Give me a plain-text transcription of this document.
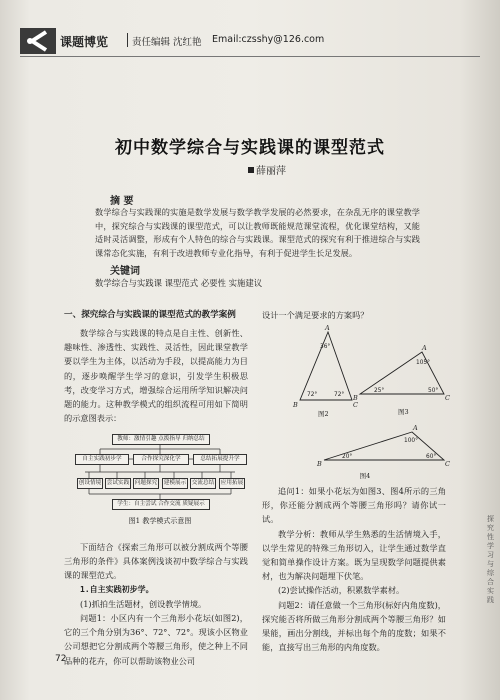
课题博览	责任编辑 沈红艳 Email:czsshy@126.com
初中数学综合与实践课的课型范式
薛丽萍
摘 要
数学综合与实践课的实施是数学发展与数学教学发展的必然要求，在杂乱无序的课堂教学中，探究综合与实践课的课型范式，可以让教师既能规范课堂流程，优化课堂结构，又能适时灵活调整，形成有个人特色的综合与实践课。课型范式的探究有利于推进综合与实践课常态化实施，有利于改进教师专业化指导，有利于促进学生长足发展。
关键词
数学综合与实践课 课型范式 必要性 实施建议

一、探究综合与实践课的课型范式的教学案例

数学综合与实践课的特点是自主性、创新性、趣味性、渗透性、实践性、灵活性，因此课堂教学要以学生为主体，以活动为手段，以提高能力为目的，逐步唤醒学生学习的意识，引发学生积极思考，改变学习方式，增强综合运用所学知识解决问题的能力。这种教学模式的组织流程可用如下简明的示意图表示：

教师：激情引趣 点拨指导 归纳总结
自主实践初步学	合作探究深化学	总结拓展提升学
创设情境	尝试实践	问题探究	建模展示	交流总结	应用拓展
学生：自主尝试 合作交流 质疑展示
图1 教学模式示意图

下面结合《探索三角形可以被分割成两个等腰三角形的条件》具体案例浅谈初中数学综合与实践课的课型范式。

1.自主实践初步学。

(1)抓拍生活题材，创设教学情境。

问题1：小区内有一个三角形小花坛(如图2)，它的三个角分别为36°、72°、72°。现该小区物业公司想把它分割成两个等腰三角形，使之种上不同品种的花卉，你可以帮助该物业公司

设计一个满足要求的方案吗？

A
B	C
A
B	C
36°
72°	72°
105°
25°	50°
图2	图3
A
B	C
100°
20°	60°
图4

追问1：如果小花坛为如图3、图4所示的三角形，你还能分割成两个等腰三角形吗？请你试一试。

教学分析：教师从学生熟悉的生活情境入手，以学生常见的特殊三角形切入，让学生通过数学直觉和简单操作设计方案。既为呈现数学问题提供素材，也为解决问题埋下伏笔。

(2)尝试操作活动，积累数学素材。

问题2：请任意做一个三角形(标好内角度数)，探究能否将所做三角形分割成两个等腰三角形？如果能，画出分割线，并标出每个角的度数；如果不能，直接写出三角形的内角度数。

72
探究性学习与综合实践
